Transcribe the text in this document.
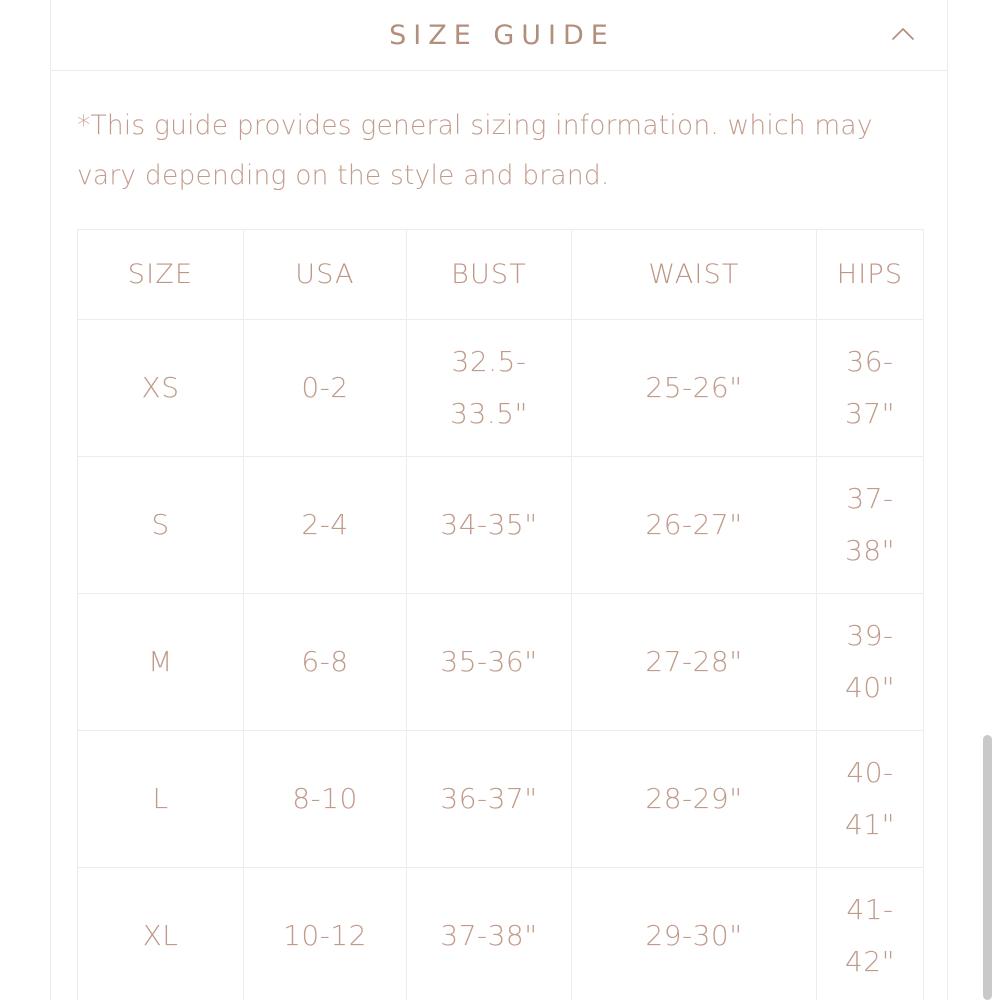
SIZE GUIDE

*This guide provides general sizing information. which may vary depending on the style and brand.

SIZE	USA	BUST	WAIST	HIPS
XS	0-2	32.5-33.5"	25-26"	36-37"
S	2-4	34-35"	26-27"	37-38"
M	6-8	35-36"	27-28"	39-40"
L	8-10	36-37"	28-29"	40-41"
XL	10-12	37-38"	29-30"	41-42"
